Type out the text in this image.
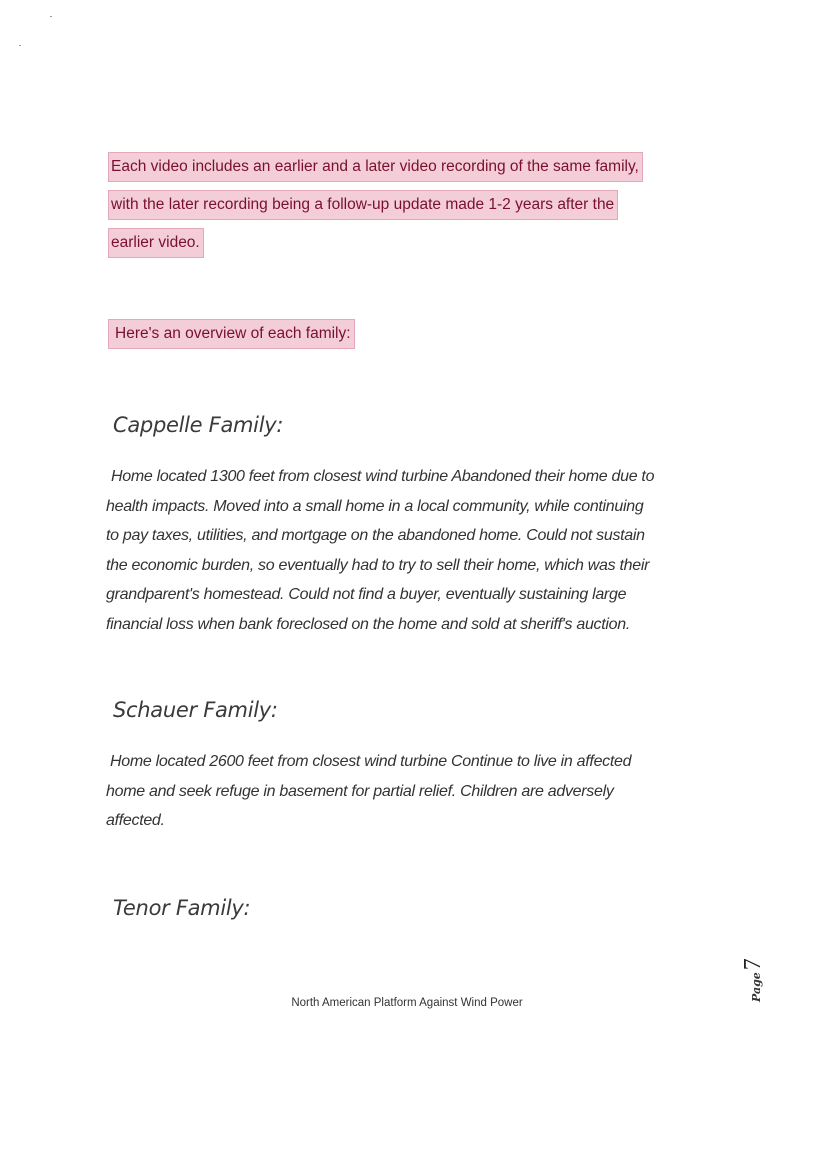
Each video includes an earlier and a later video recording of the same family,
with the later recording being a follow-up update made 1-2 years after the
earlier video.
Here's an overview of each family:
Cappelle Family:
Home located 1300 feet from closest wind turbine Abandoned their home due to
health impacts. Moved into a small home in a local community, while continuing
to pay taxes, utilities, and mortgage on the abandoned home. Could not sustain
the economic burden, so eventually had to try to sell their home, which was their
grandparent's homestead. Could not find a buyer, eventually sustaining large
financial loss when bank foreclosed on the home and sold at sheriff's auction.
Schauer Family:
Home located 2600 feet from closest wind turbine Continue to live in affected
home and seek refuge in basement for partial relief. Children are adversely
affected.
Tenor Family:
Page
7
North American Platform Against Wind Power
